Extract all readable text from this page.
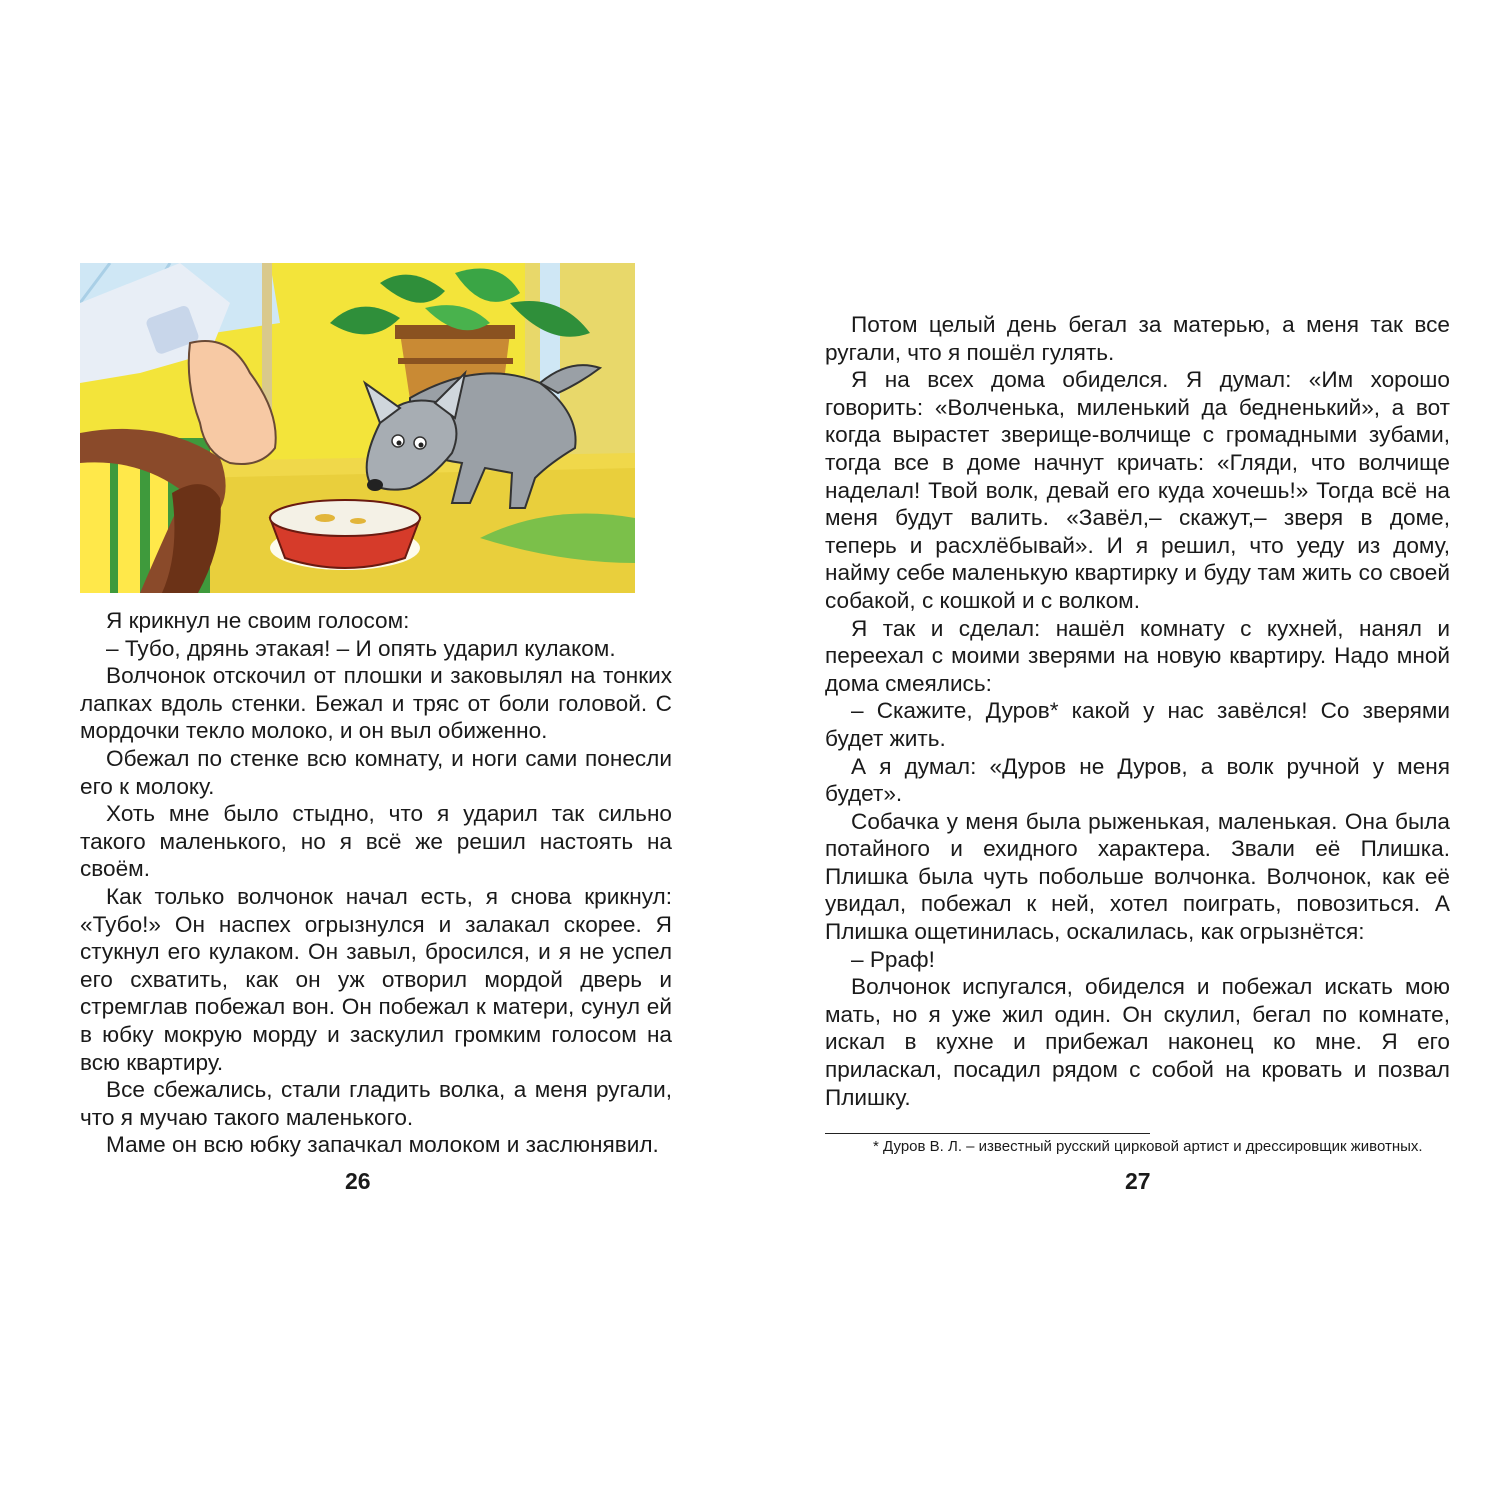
Я крикнул не своим голосом:

– Тубо, дрянь этакая! – И опять ударил кулаком.

Волчонок отскочил от плошки и заковылял на тонких лапках вдоль стенки. Бежал и тряс от боли головой. С мордочки текло молоко, и он выл обиженно.

Обежал по стенке всю комнату, и ноги сами понесли его к молоку.

Хоть мне было стыдно, что я ударил так сильно такого маленького, но я всё же решил настоять на своём.

Как только волчонок начал есть, я снова крикнул: «Тубо!» Он наспех огрызнулся и залакал скорее. Я стукнул его кулаком. Он завыл, бросился, и я не успел его схватить, как он уж отворил мордой дверь и стремглав побежал вон. Он побежал к матери, сунул ей в юбку мокрую морду и заскулил громким голосом на всю квартиру.

Все сбежались, стали гладить волка, а меня ругали, что я мучаю такого маленького.

Маме он всю юбку запачкал молоком и заслюнявил.

26

Потом целый день бегал за матерью, а меня так все ругали, что я пошёл гулять.

Я на всех дома обиделся. Я думал: «Им хорошо говорить: «Волченька, миленький да бедненький», а вот когда вырастет зверище-волчище с громадными зубами, тогда все в доме начнут кричать: «Гляди, что волчище наделал! Твой волк, девай его куда хочешь!» Тогда всё на меня будут валить. «Завёл,– скажут,– зверя в доме, теперь и расхлёбывай». И я решил, что уеду из дому, найму себе маленькую квартирку и буду там жить со своей собакой, с кошкой и с волком.

Я так и сделал: нашёл комнату с кухней, нанял и переехал с моими зверями на новую квартиру. Надо мной дома смеялись:

– Скажите, Дуров* какой у нас завёлся! Со зверями будет жить.

А я думал: «Дуров не Дуров, а волк ручной у меня будет».

Собачка у меня была рыженькая, маленькая. Она была потайного и ехидного характера. Звали её Плишка. Плишка была чуть побольше волчонка. Волчонок, как её увидал, побежал к ней, хотел поиграть, повозиться. А Плишка ощетинилась, оскалилась, как огрызнётся:

– Рраф!

Волчонок испугался, обиделся и побежал искать мою мать, но я уже жил один. Он скулил, бегал по комнате, искал в кухне и прибежал наконец ко мне. Я его приласкал, посадил рядом с собой на кровать и позвал Плишку.

* Дуров В. Л. – известный русский цирковой артист и дрессировщик животных.
27
